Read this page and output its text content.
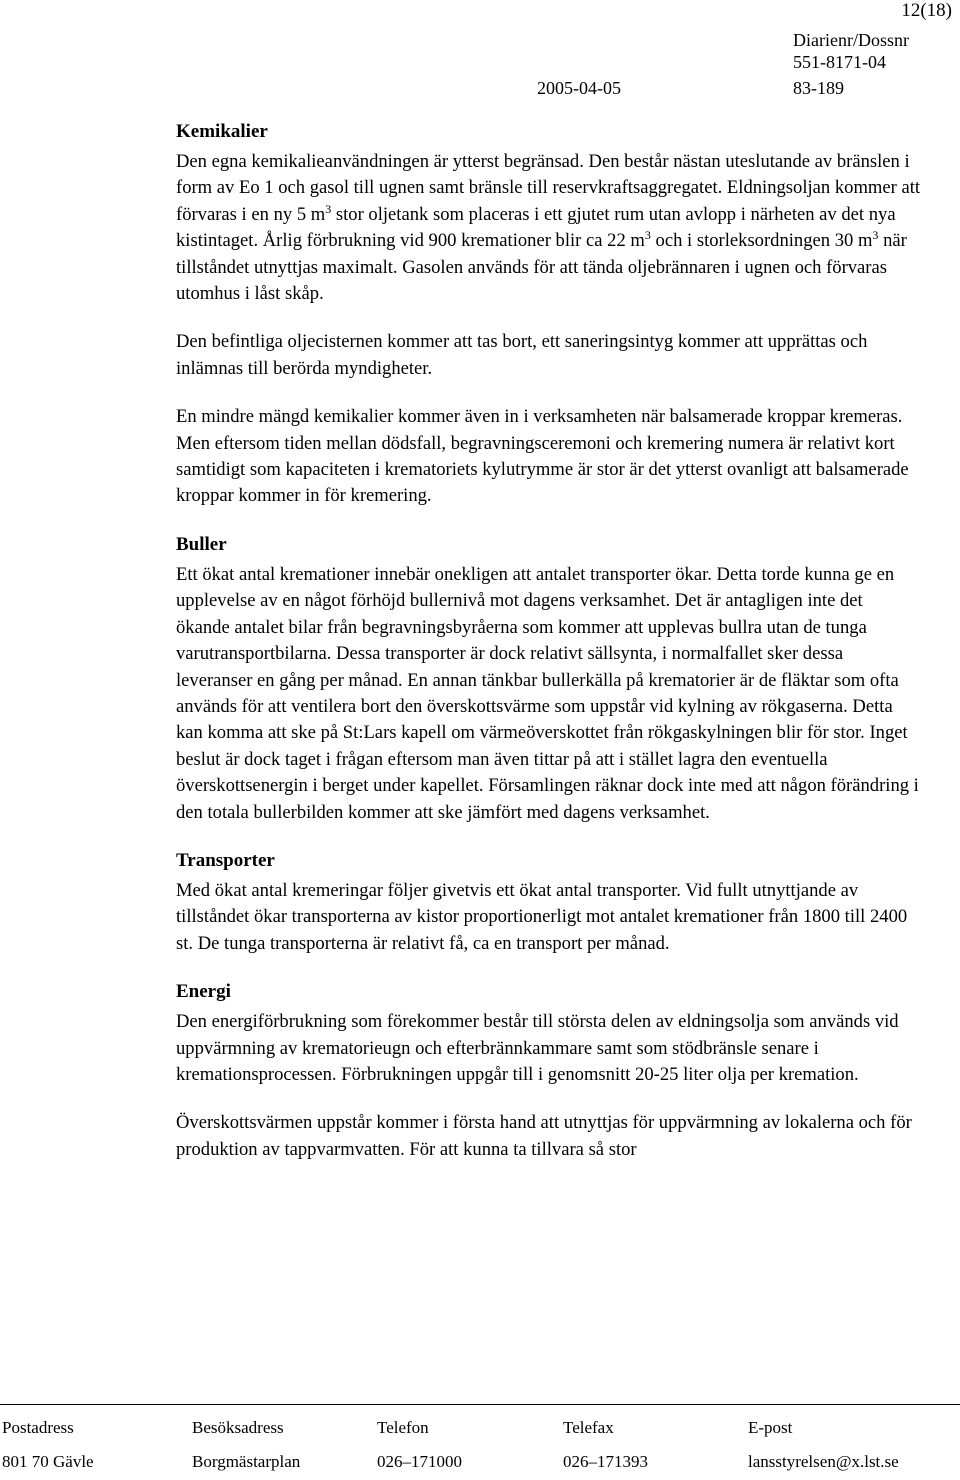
12(18)
Diarienr/Dossnr
551-8171-04
2005-04-05	83-189
Kemikalier

Den egna kemikalieanvändningen är ytterst begränsad. Den består nästan uteslutande av bränslen i form av Eo 1 och gasol till ugnen samt bränsle till reservkraftsaggregatet. Eldningsoljan kommer att förvaras i en ny 5 $m^3$ stor oljetank som placeras i ett gjutet rum utan avlopp i närheten av det nya kistintaget. Årlig förbrukning vid 900 kremationer blir ca 22 $m^3$ och i storleksordningen 30 $m^3$ när tillståndet utnyttjas maximalt. Gasolen används för att tända oljebrännaren i ugnen och förvaras utomhus i låst skåp.

Den befintliga oljecisternen kommer att tas bort, ett saneringsintyg kommer att upprättas och inlämnas till berörda myndigheter.

En mindre mängd kemikalier kommer även in i verksamheten när balsamerade kroppar kremeras. Men eftersom tiden mellan dödsfall, begravningsceremoni och kremering numera är relativt kort samtidigt som kapaciteten i krematoriets kylutrymme är stor är det ytterst ovanligt att balsamerade kroppar kommer in för kremering.

Buller

Ett ökat antal kremationer innebär onekligen att antalet transporter ökar. Detta torde kunna ge en upplevelse av en något förhöjd bullernivå mot dagens verksamhet. Det är antagligen inte det ökande antalet bilar från begravningsbyråerna som kommer att upplevas bullra utan de tunga varutransportbilarna. Dessa transporter är dock relativt sällsynta, i normalfallet sker dessa leveranser en gång per månad. En annan tänkbar bullerkälla på krematorier är de fläktar som ofta används för att ventilera bort den överskottsvärme som uppstår vid kylning av rökgaserna. Detta kan komma att ske på St:Lars kapell om värmeöverskottet från rökgaskylningen blir för stor. Inget beslut är dock taget i frågan eftersom man även tittar på att i stället lagra den eventuella överskottsenergin i berget under kapellet. Församlingen räknar dock inte med att någon förändring i den totala bullerbilden kommer att ske jämfört med dagens verksamhet.

Transporter

Med ökat antal kremeringar följer givetvis ett ökat antal transporter. Vid fullt utnyttjande av tillståndet ökar transporterna av kistor proportionerligt mot antalet kremationer från 1800 till 2400 st. De tunga transporterna är relativt få, ca en transport per månad.

Energi

Den energiförbrukning som förekommer består till största delen av eldningsolja som används vid uppvärmning av krematorieugn och efterbrännkammare samt som stödbränsle senare i kremationsprocessen. Förbrukningen uppgår till i genomsnitt 20-25 liter olja per kremation.

Överskottsvärmen uppstår kommer i första hand att utnyttjas för uppvärmning av lokalerna och för produktion av tappvarmvatten. För att kunna ta tillvara så stor

Postadress
801 70 Gävle
Besöksadress
Borgmästarplan
Telefon
026–171000
Telefax
026–171393
E-post
lansstyrelsen@x.lst.se
